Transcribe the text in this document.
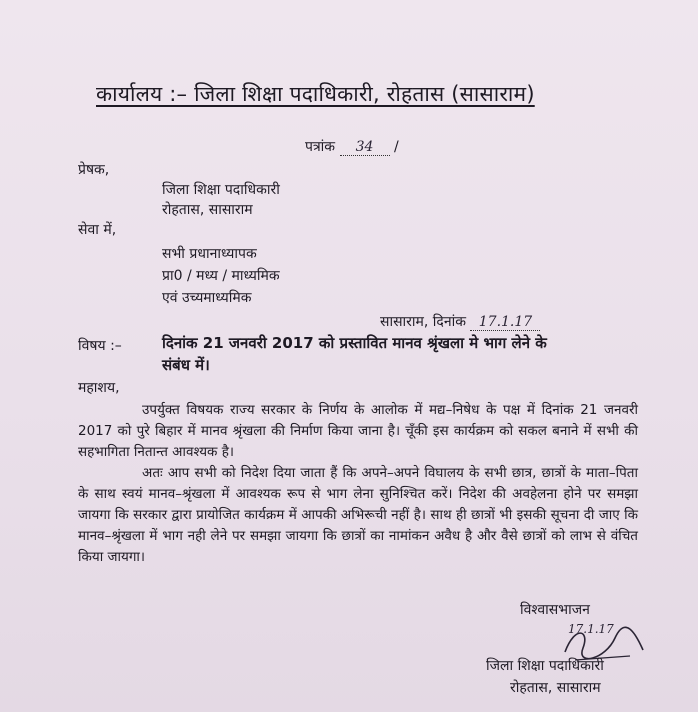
कार्यालय :– जिला शिक्षा पदाधिकारी, रोहतास (सासाराम)
पत्रांक 34 /
प्रेषक,
जिला शिक्षा पदाधिकारी
रोहतास, सासाराम
सेवा में,
सभी प्रधानाध्यापक
प्रा0 / मध्य / माध्यमिक
एवं उच्यमाध्यमिक
सासाराम, दिनांक 17.1.17
विषय :–	दिनांक 21 जनवरी 2017 को प्रस्तावित मानव श्रृंखला मे भाग लेने के
संबंध में।
महाशय,
उपर्युक्त विषयक राज्य सरकार के निर्णय के आलोक में मद्य–निषेध के पक्ष में दिनांक 21 जनवरी 2017 को पुरे बिहार में मानव श्रृंखला की निर्माण किया जाना है। चूँकी इस कार्यक्रम को सकल बनाने में सभी की सहभागिता नितान्त आवश्यक है।
अतः आप सभी को निदेश दिया जाता हैं कि अपने–अपने विघालय के सभी छात्र, छात्रों के माता–पिता के साथ स्वयं मानव–श्रृंखला में आवश्यक रूप से भाग लेना सुनिश्चित करें। निदेश की अवहेलना होने पर समझा जायगा कि सरकार द्वारा प्रायोजित कार्यक्रम में आपकी अभिरूची नहीं है। साथ ही छात्रों भी इसकी सूचना दी जाए कि मानव–श्रृंखला में भाग नही लेने पर समझा जायगा कि छात्रों का नामांकन अवैध है और वैसे छात्रों को लाभ से वंचित किया जायगा।
विश्वासभाजन
17.1.17
जिला शिक्षा पदाधिकारी
रोहतास, सासाराम
